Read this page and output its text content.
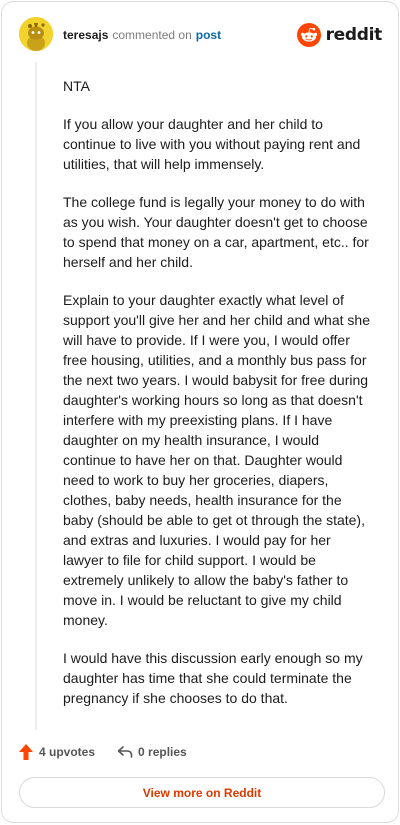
teresajs commented on post	reddit

NTA

If you allow your daughter and her child to continue to live with you without paying rent and utilities, that will help immensely.

The college fund is legally your money to do with as you wish. Your daughter doesn't get to choose to spend that money on a car, apartment, etc.. for herself and her child.

Explain to your daughter exactly what level of support you'll give her and her child and what she will have to provide. If I were you, I would offer free housing, utilities, and a monthly bus pass for the next two years. I would babysit for free during daughter's working hours so long as that doesn't interfere with my preexisting plans. If I have daughter on my health insurance, I would continue to have her on that. Daughter would need to work to buy her groceries, diapers, clothes, baby needs, health insurance for the baby (should be able to get ot through the state), and extras and luxuries. I would pay for her lawyer to file for child support. I would be extremely unlikely to allow the baby's father to move in. I would be reluctant to give my child money.

I would have this discussion early enough so my daughter has time that she could terminate the pregnancy if she chooses to do that.

4 upvotes	0 replies
View more on Reddit
